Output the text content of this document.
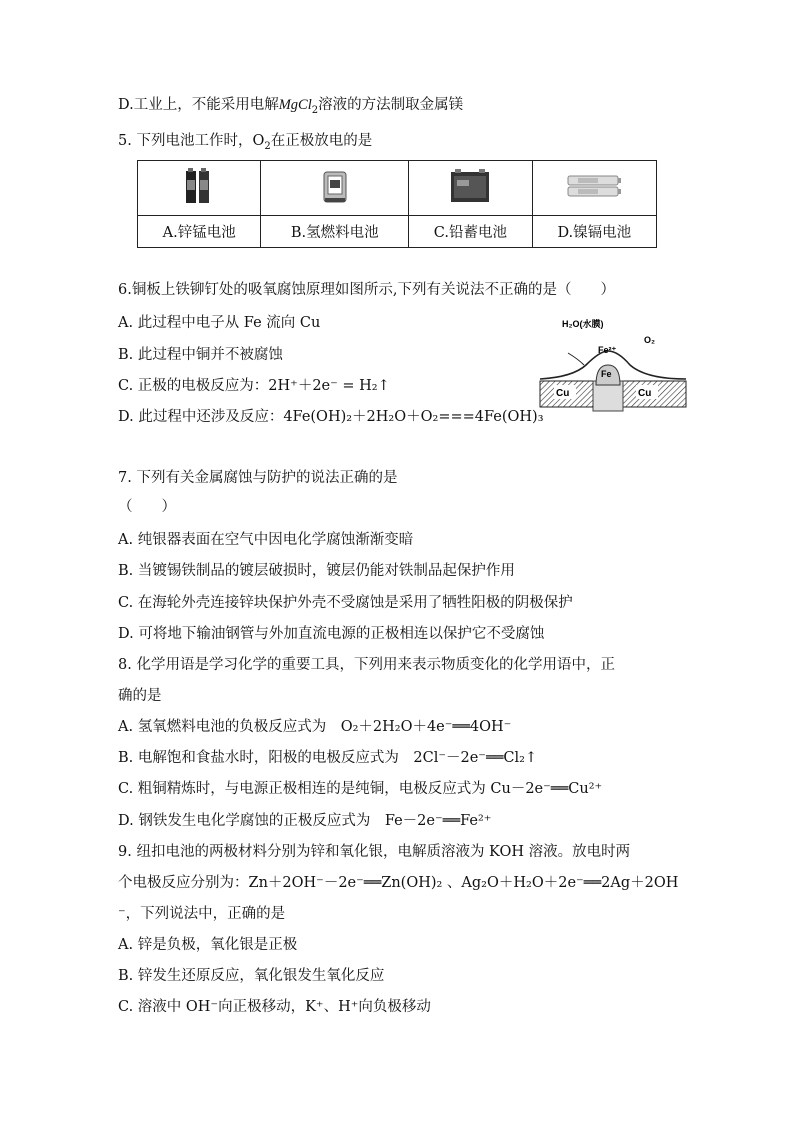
D.工业上，不能采用电解MgCl$_2$溶液的方法制取金属镁
5. 下列电池工作时，$O_2$在正极放电的是

A.锌锰电池	B.氢燃料电池	C.铅蓄电池	D.镍镉电池
6.铜板上铁铆钉处的吸氧腐蚀原理如图所示,下列有关说法不正确的是（　　）
A. 此过程中电子从 Fe 流向 Cu
B. 此过程中铜并不被腐蚀
C. 正极的电极反应为：2H⁺＋2e⁻ = H₂↑
D. 此过程中还涉及反应：4Fe(OH)₂＋2H₂O＋O₂===4Fe(OH)₃
H₂O(水膜)
O₂
Fe²⁺
Fe
Cu	Cu
7. 下列有关金属腐蚀与防护的说法正确的是
（　　）
A. 纯银器表面在空气中因电化学腐蚀渐渐变暗
B. 当镀锡铁制品的镀层破损时，镀层仍能对铁制品起保护作用
C. 在海轮外壳连接锌块保护外壳不受腐蚀是采用了牺牲阳极的阴极保护
D. 可将地下输油钢管与外加直流电源的正极相连以保护它不受腐蚀
8. 化学用语是学习化学的重要工具，下列用来表示物质变化的化学用语中，正
确的是
A. 氢氧燃料电池的负极反应式为　O₂＋2H₂O＋4e⁻══4OH⁻
B. 电解饱和食盐水时，阳极的电极反应式为　2Cl⁻－2e⁻══Cl₂↑
C. 粗铜精炼时，与电源正极相连的是纯铜，电极反应式为 Cu－2e⁻══Cu²⁺
D. 钢铁发生电化学腐蚀的正极反应式为　Fe－2e⁻══Fe²⁺
9. 纽扣电池的两极材料分别为锌和氧化银，电解质溶液为 KOH 溶液。放电时两
个电极反应分别为：Zn＋2OH⁻－2e⁻══Zn(OH)₂ 、Ag₂O＋H₂O＋2e⁻══2Ag＋2OH
⁻，下列说法中，正确的是
A. 锌是负极，氧化银是正极
B. 锌发生还原反应，氧化银发生氧化反应
C. 溶液中 OH⁻向正极移动，K⁺、H⁺向负极移动
